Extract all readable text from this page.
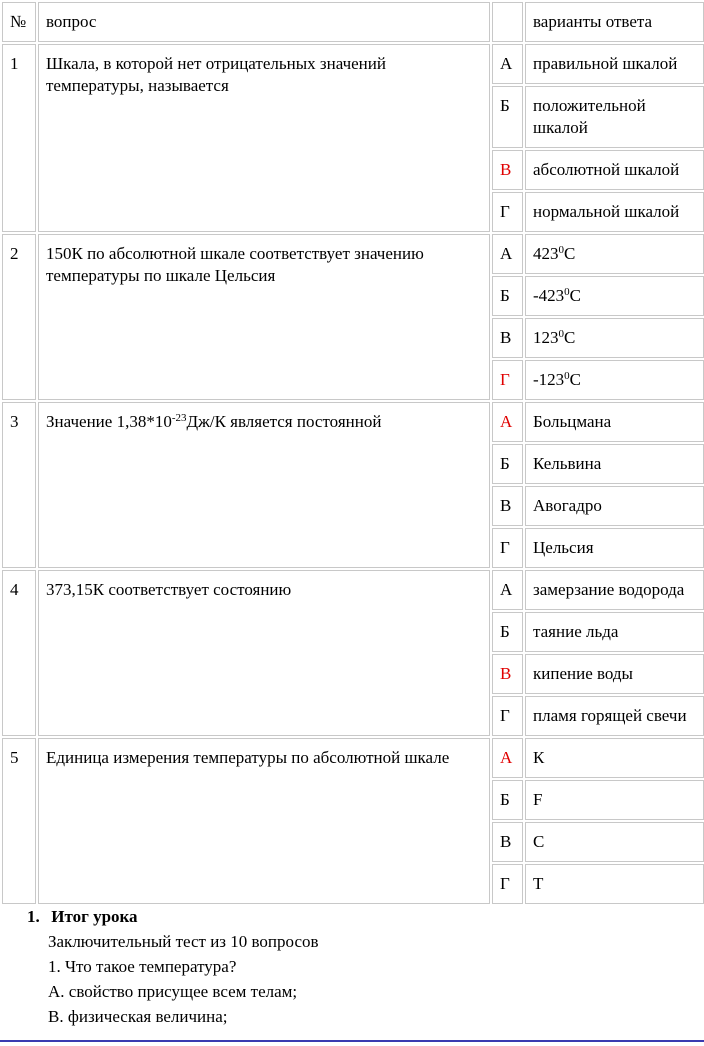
№	вопрос		варианты ответа
1	Шкала, в которой нет отрицательных значений температуры, называется	А	правильной шкалой
		Б	положительной шкалой
		В	абсолютной шкалой
		Г	нормальной шкалой
2	150К по абсолютной шкале соответствует значению температуры по шкале Цельсия	А	$423^0С$
		Б	$-423^0С$
		В	$123^0С$
		Г	$-123^0С$
3	Значение $1,38*10^{-23}Дж/К$ является постоянной	А	Больцмана
		Б	Кельвина
		В	Авогадро
		Г	Цельсия
4	373,15К соответствует состоянию	А	замерзание водорода
		Б	таяние льда
		В	кипение воды
		Г	пламя горящей свечи
5	Единица измерения температуры по абсолютной шкале	А	К
		Б	F
		В	С
		Г	Т
1. Итог урока
Заключительный тест из 10 вопросов
1. Что такое температура?
А. свойство присущее всем телам;
В. физическая величина;
